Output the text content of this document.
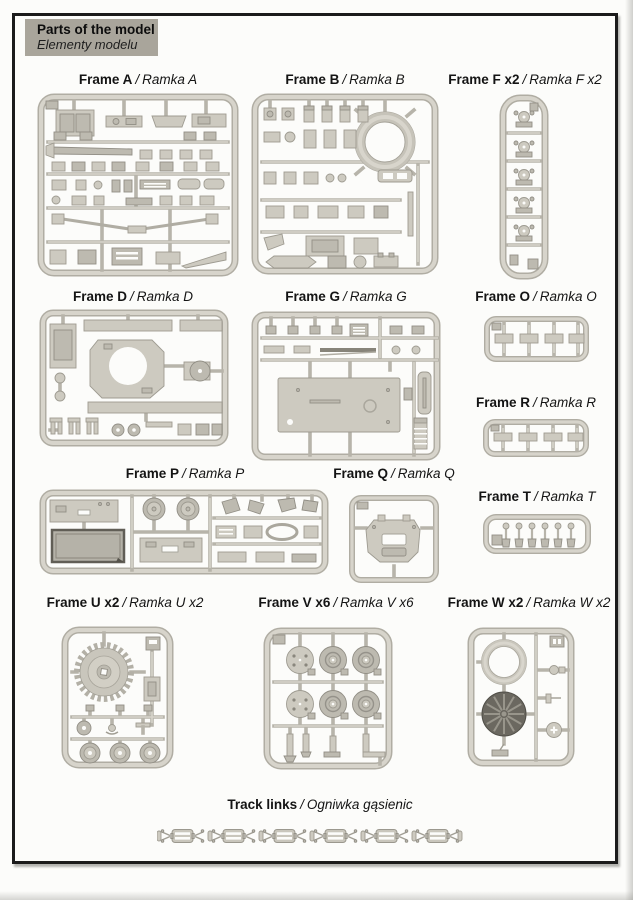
Parts of the model
Elementy modelu
Frame A / Ramka A	Frame B / Ramka B	Frame F x2 / Ramka F x2
Frame D / Ramka D	Frame G / Ramka G	Frame O / Ramka O
Frame R / Ramka R
Frame P / Ramka P	Frame Q / Ramka Q
Frame T / Ramka T
Frame U x2 / Ramka U x2	Frame V x6 / Ramka V x6	Frame W x2 / Ramka W x2
Track links / Ogniwka gąsienic
